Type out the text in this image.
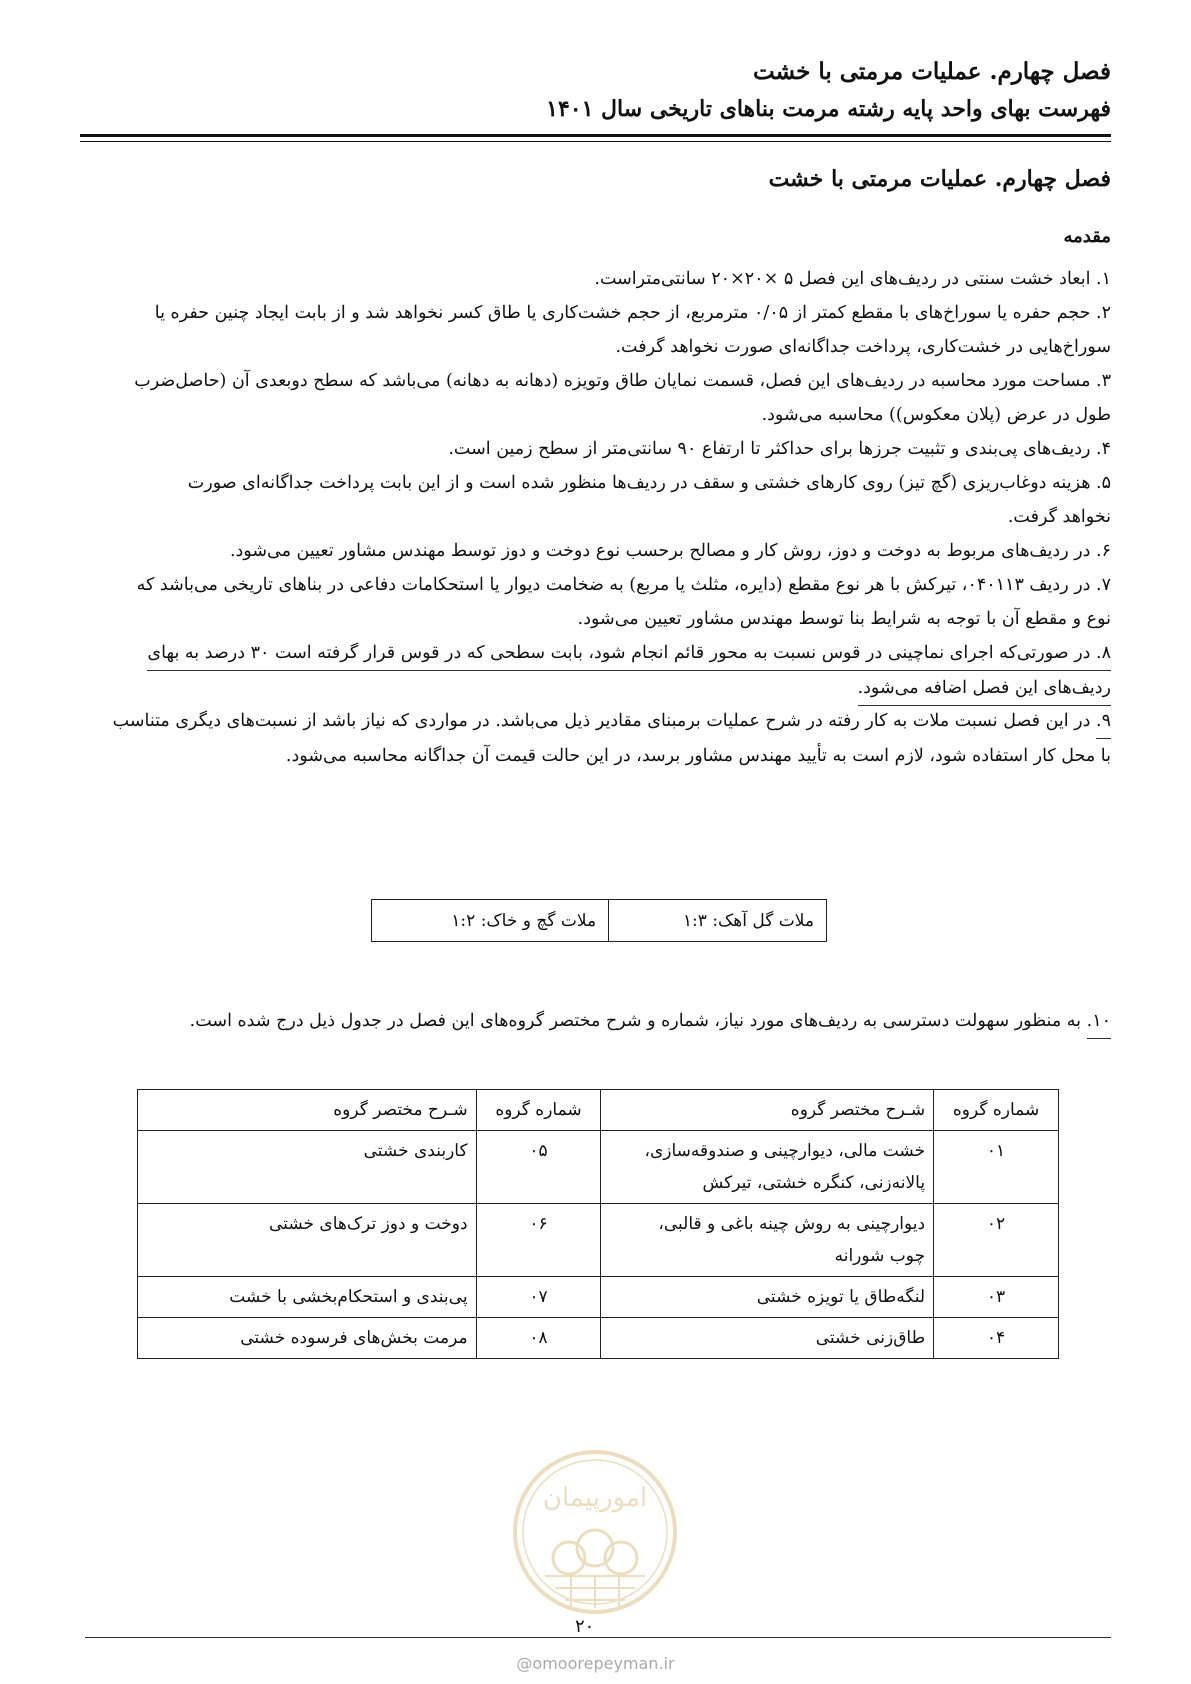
فصل چهارم. عملیات مرمتی با خشت
فهرست بهای واحد پایه رشته مرمت بناهای تاریخی سال ۱۴۰۱
فصل چهارم. عملیات مرمتی با خشت
مقدمه
۱. ابعاد خشت سنتی در ردیف‌های این فصل ۵ ×۲۰×۲۰ سانتی‌متراست.
۲. حجم حفره یا سوراخ‌های با مقطع کمتر از ۰/۰۵ مترمربع، از حجم خشت‌کاری یا طاق کسر نخواهد شد و از بابت ایجاد چنین حفره یا
سوراخ‌هایی در خشت‌کاری، پرداخت جداگانه‌ای صورت نخواهد گرفت.
۳. مساحت مورد محاسبه در ردیف‌های این فصل، قسمت نمایان طاق وتویزه (دهانه به دهانه) می‌باشد که سطح دوبعدی آن (حاصل‌ضرب
طول در عرض (پلان معکوس)) محاسبه می‌شود.
۴. ردیف‌های پی‌بندی و تثبیت جرزها برای حداکثر تا ارتفاع ۹۰ سانتی‌متر از سطح زمین است.
۵. هزینه دوغاب‌ریزی (گچ تیز) روی کارهای خشتی و سقف در ردیف‌ها منظور شده است و از این بابت پرداخت جداگانه‌ای صورت
نخواهد گرفت.
۶. در ردیف‌های مربوط به دوخت و دوز، روش کار و مصالح برحسب نوع دوخت و دوز توسط مهندس مشاور تعیین می‌شود.
۷. در ردیف ۰۴۰۱۱۳، تیرکش با هر نوع مقطع (دایره، مثلث یا مربع) به ضخامت دیوار یا استحکامات دفاعی در بناهای تاریخی می‌باشد که
نوع و مقطع آن با توجه به شرایط بنا توسط مهندس مشاور تعیین می‌شود.
۸. در صورتی‌که اجرای نماچینی در قوس نسبت به محور قائم انجام شود، بابت سطحی که در قوس قرار گرفته است ۳۰ درصد به بهای
ردیف‌های این فصل اضافه می‌شود.
۹. در این فصل نسبت ملات به کار رفته در شرح عملیات برمبنای مقادیر ذیل می‌باشد. در مواردی که نیاز باشد از نسبت‌های دیگری متناسب
با محل کار استفاده شود، لازم است به تأیید مهندس مشاور برسد، در این حالت قیمت آن جداگانه محاسبه می‌شود.
ملات گل آهک: ۱:۳	ملات گچ و خاک: ۱:۲
۱۰. به منظور سهولت دسترسی به ردیف‌های مورد نیاز، شماره و شرح مختصر گروه‌های این فصل در جدول ذیل درج شده است.
شماره گروه	شـرح مختصر گروه	شماره گروه	شـرح مختصر گروه
۰۱	خشت مالی، دیوارچینی و صندوقه‌سازی،
پالانه‌زنی، کنگره خشتی، تیرکش	۰۵	کاربندی خشتی
۰۲	دیوارچینی به روش چینه باغی و قالبی،
چوب شورانه	۰۶	دوخت و دوز ترک‌های خشتی
۰۳	لنگه‌طاق یا تویزه خشتی	۰۷	پی‌بندی و استحکام‌بخشی با خشت
۰۴	طاق‌زنی خشتی	۰۸	مرمت بخش‌های فرسوده خشتی
امورپیمان
۲۰
@omoorepeyman.ir
